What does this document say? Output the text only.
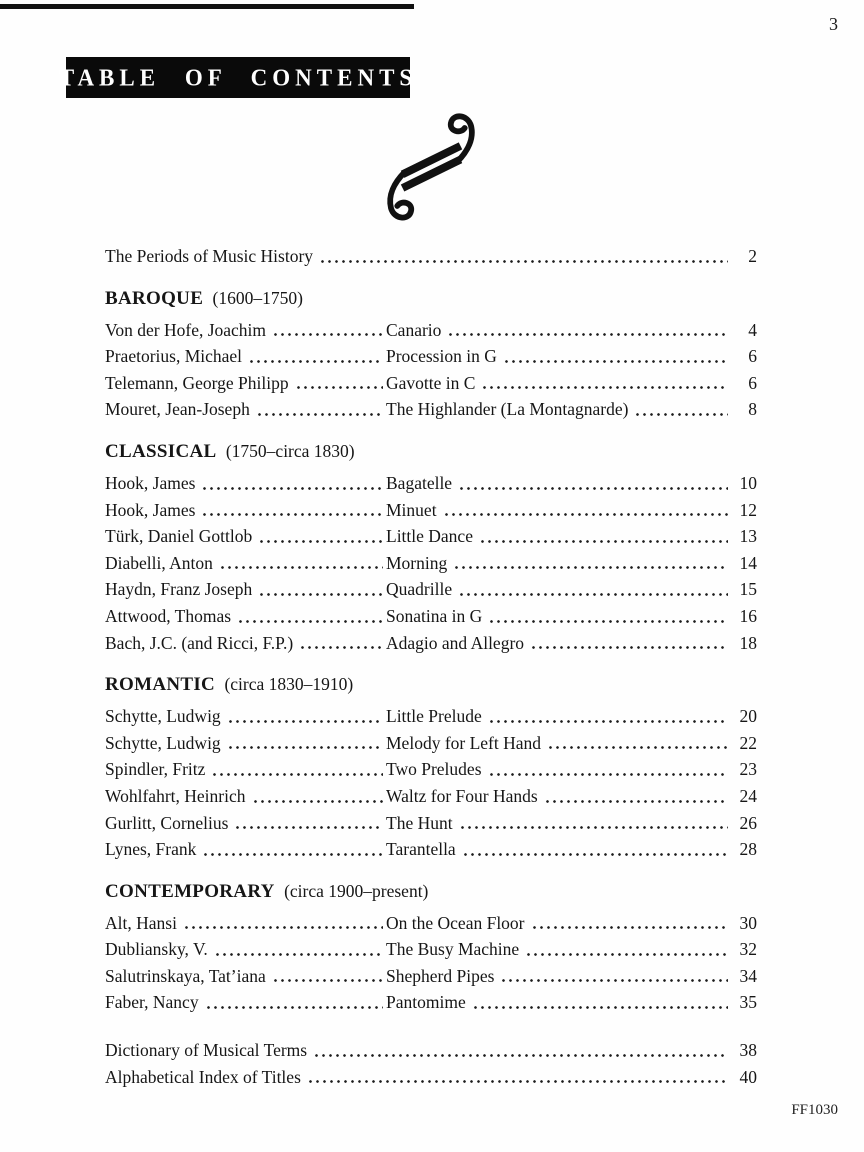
3
TABLE OF CONTENTS
The Periods of Music History	2
BAROQUE (1600–1750)
Von der Hofe, Joachim	Canario	4
Praetorius, Michael	Procession in G	6
Telemann, George Philipp	Gavotte in C	6
Mouret, Jean-Joseph	The Highlander (La Montagnarde)	8
CLASSICAL (1750–circa 1830)
Hook, James	Bagatelle	10
Hook, James	Minuet	12
Türk, Daniel Gottlob	Little Dance	13
Diabelli, Anton	Morning	14
Haydn, Franz Joseph	Quadrille	15
Attwood, Thomas	Sonatina in G	16
Bach, J.C. (and Ricci, F.P.)	Adagio and Allegro	18
ROMANTIC (circa 1830–1910)
Schytte, Ludwig	Little Prelude	20
Schytte, Ludwig	Melody for Left Hand	22
Spindler, Fritz	Two Preludes	23
Wohlfahrt, Heinrich	Waltz for Four Hands	24
Gurlitt, Cornelius	The Hunt	26
Lynes, Frank	Tarantella	28
CONTEMPORARY (circa 1900–present)
Alt, Hansi	On the Ocean Floor	30
Dubliansky, V.	The Busy Machine	32
Salutrinskaya, Tat’iana	Shepherd Pipes	34
Faber, Nancy	Pantomime	35
Dictionary of Musical Terms	38
Alphabetical Index of Titles	40
FF1030
